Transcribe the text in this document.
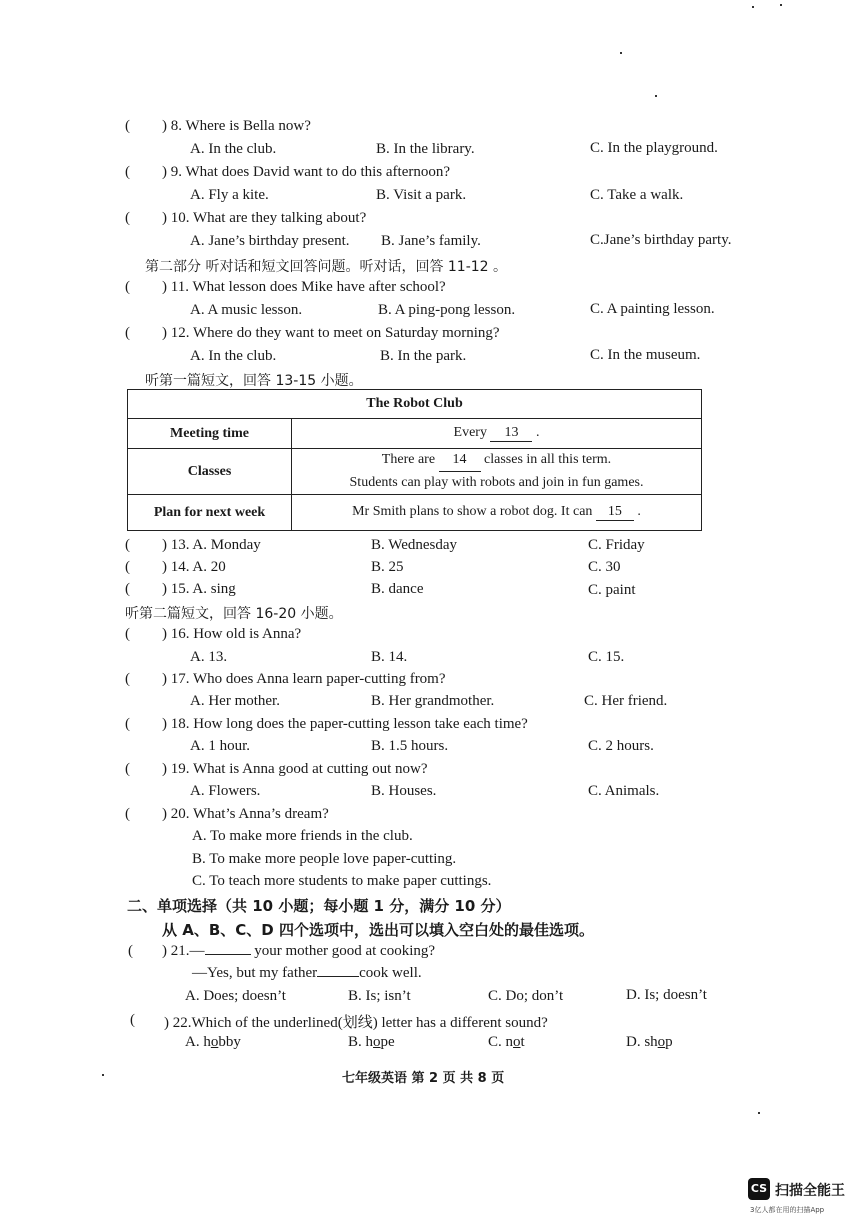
( ) 8. Where is Bella now?
A. In the club.	B. In the library.	C. In the playground.
( ) 9. What does David want to do this afternoon?
A. Fly a kite.	B. Visit a park.	C. Take a walk.
( ) 10. What are they talking about?
A. Jane’s birthday present. B. Jane’s family.	C.Jane’s birthday party.
第二部分 听对话和短文回答问题。听对话，回答 11-12 。
( ) 11. What lesson does Mike have after school?
A. A music lesson.	B. A ping-pong lesson.	C. A painting lesson.
( ) 12. Where do they want to meet on Saturday morning?
A. In the club.	B. In the park.	C. In the museum.
听第一篇短文，回答 13-15 小题。
The Robot Club	
Meeting time	Every 13 .
Classes	There are 14 classes in all this term.
Students can play with robots and join in fun games.
Plan for next week	Mr Smith plans to show a robot dog. It can 15 .
( ) 13. A. Monday	B. Wednesday	C. Friday
( ) 14. A. 20	B. 25	C. 30
( ) 15. A. sing	B. dance	C. paint
听第二篇短文，回答 16-20 小题。
( ) 16. How old is Anna?
A. 13.	B. 14.	C. 15.
( ) 17. Who does Anna learn paper-cutting from?
A. Her mother.	B. Her grandmother.	C. Her friend.
( ) 18. How long does the paper-cutting lesson take each time?
A. 1 hour.	B. 1.5 hours.	C. 2 hours.
( ) 19. What is Anna good at cutting out now?
A. Flowers.	B. Houses.	C. Animals.
( ) 20. What’s Anna’s dream?
A. To make more friends in the club.
B. To make more people love paper-cutting.
C. To teach more students to make paper cuttings.
二、单项选择（共 10 小题；每小题 1 分，满分 10 分）
从 A、B、C、D 四个选项中，选出可以填入空白处的最佳选项。
( ) 21.—	your mother good at cooking?
—Yes, but my father	cook well.
A. Does; doesn’t	B. Is; isn’t	C. Do; don’t	D. Is; doesn’t
( ) 22.Which of the underlined(划线) letter has a different sound?
A. hobby	B. hope	C. not	D. shop
七年级英语 第 2 页 共 8 页
CS 扫描全能王
3亿人都在用的扫描App
